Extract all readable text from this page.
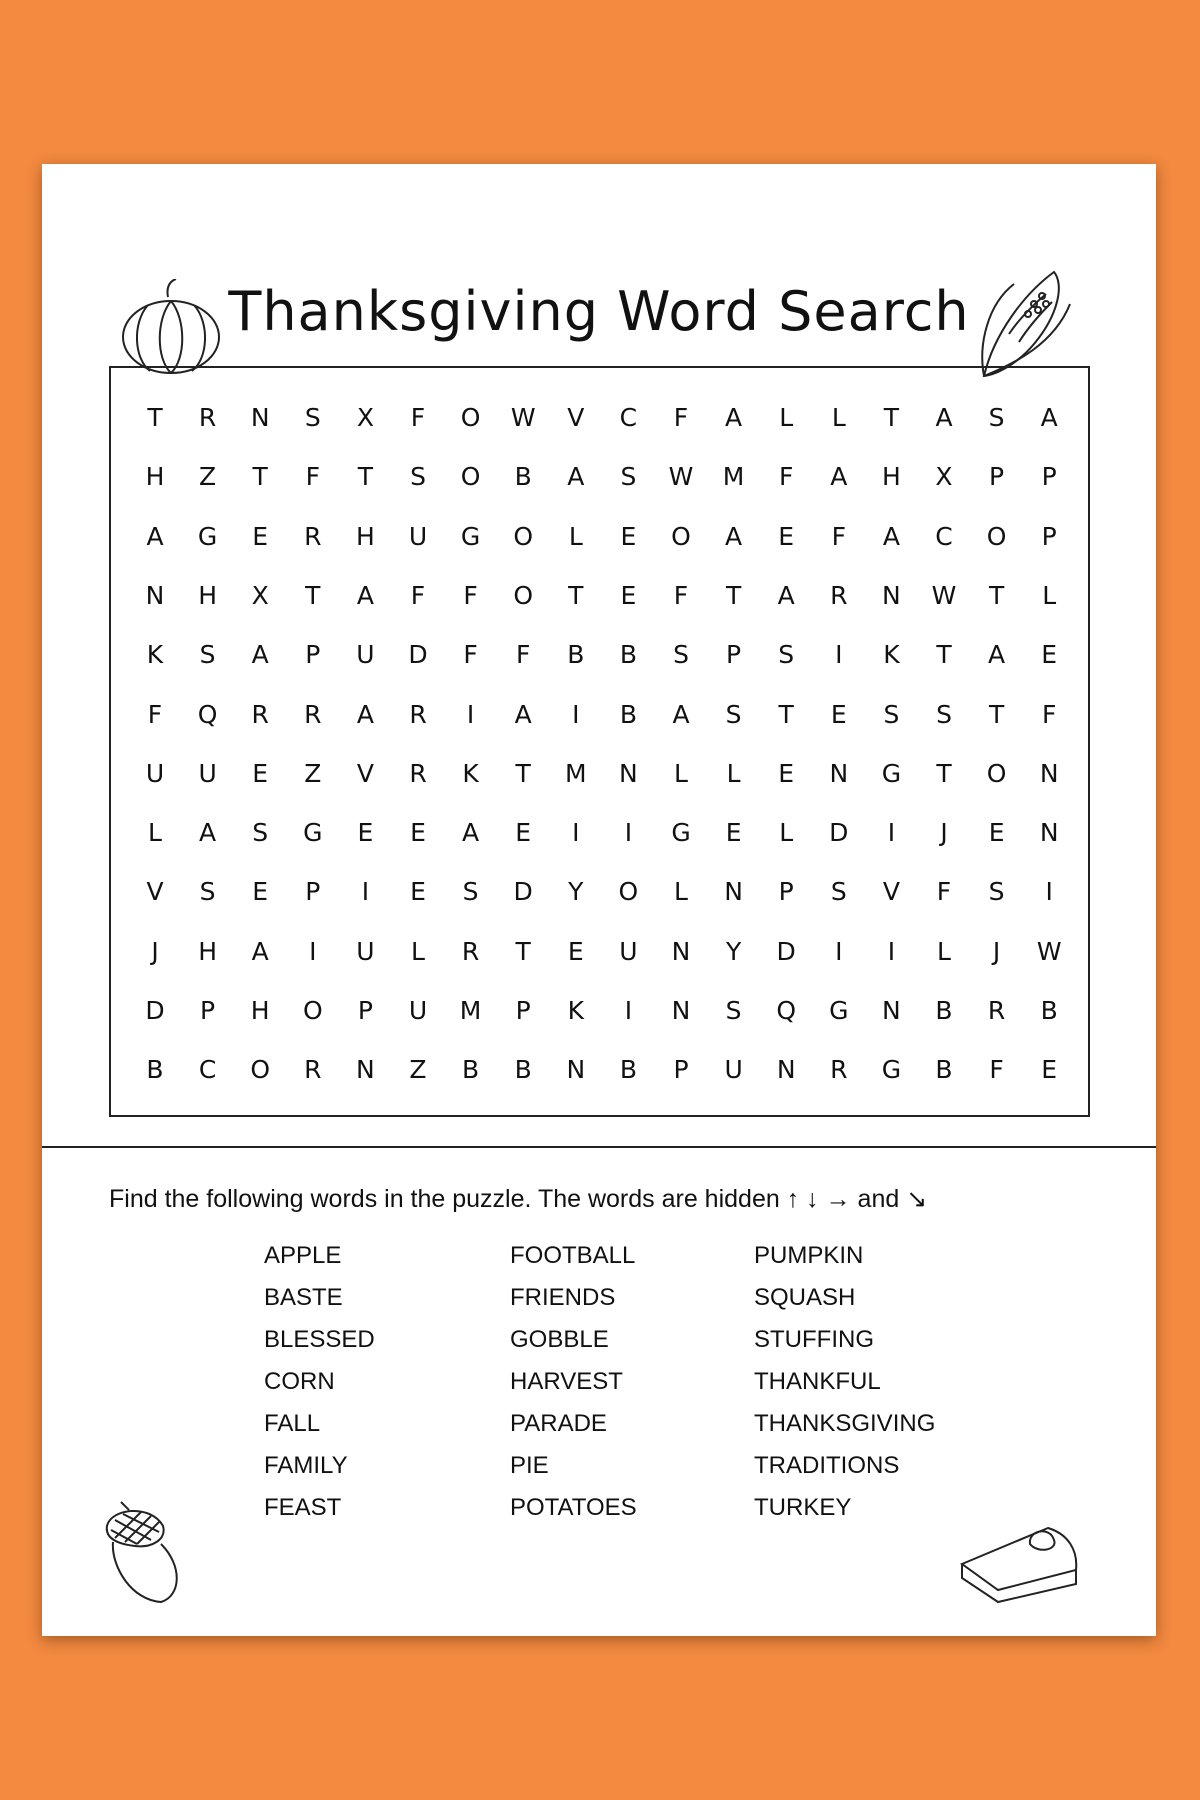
Thanksgiving Word Search
T	R	N	S	X	F	O	W	V	C	F	A	L	L	T	A	S	A
H	Z	T	F	T	S	O	B	A	S	W	M	F	A	H	X	P	P
A	G	E	R	H	U	G	O	L	E	O	A	E	F	A	C	O	P
N	H	X	T	A	F	F	O	T	E	F	T	A	R	N	W	T	L
K	S	A	P	U	D	F	F	B	B	S	P	S	I	K	T	A	E
F	Q	R	R	A	R	I	A	I	B	A	S	T	E	S	S	T	F
U	U	E	Z	V	R	K	T	M	N	L	L	E	N	G	T	O	N
L	A	S	G	E	E	A	E	I	I	G	E	L	D	I	J	E	N
V	S	E	P	I	E	S	D	Y	O	L	N	P	S	V	F	S	I
J	H	A	I	U	L	R	T	E	U	N	Y	D	I	I	L	J	W
D	P	H	O	P	U	M	P	K	I	N	S	Q	G	N	B	R	B
B	C	O	R	N	Z	B	B	N	B	P	U	N	R	G	B	F	E
Find the following words in the puzzle. The words are hidden ↑ ↓ → and ↘
APPLE
BASTE
BLESSED
CORN
FALL
FAMILY
FEAST
FOOTBALL
FRIENDS
GOBBLE
HARVEST
PARADE
PIE
POTATOES
PUMPKIN
SQUASH
STUFFING
THANKFUL
THANKSGIVING
TRADITIONS
TURKEY
